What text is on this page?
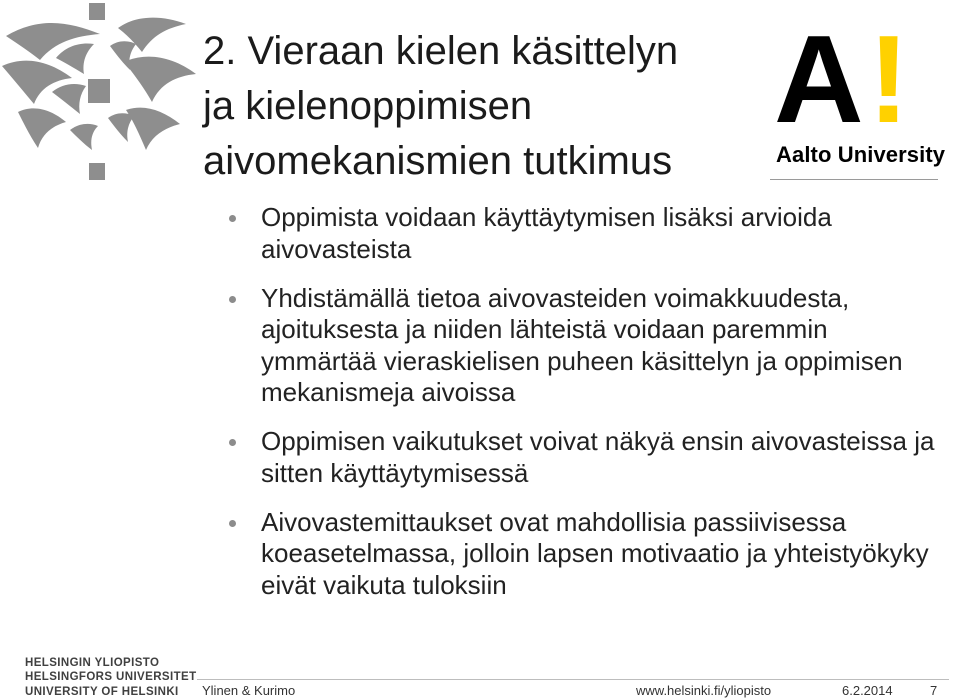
2. Vieraan kielen käsittelyn
ja kielenoppimisen
aivomekanismien tutkimus
A !
Aalto University
Oppimista voidaan käyttäytymisen lisäksi arvioida aivovasteista
Yhdistämällä tietoa aivovasteiden voimakkuudesta, ajoituksesta ja niiden lähteistä voidaan paremmin ymmärtää vieraskielisen puheen käsittelyn ja oppimisen mekanismeja aivoissa
Oppimisen vaikutukset voivat näkyä ensin aivovasteissa ja sitten käyttäytymisessä
Aivovastemittaukset ovat mahdollisia passiivisessa koeasetelmassa, jolloin lapsen motivaatio ja yhteistyökyky eivät vaikuta tuloksiin
HELSINGIN YLIOPISTO
HELSINGFORS UNIVERSITET
UNIVERSITY OF HELSINKI	Ylinen & Kurimo	www.helsinki.fi/yliopisto	6.2.2014	7
